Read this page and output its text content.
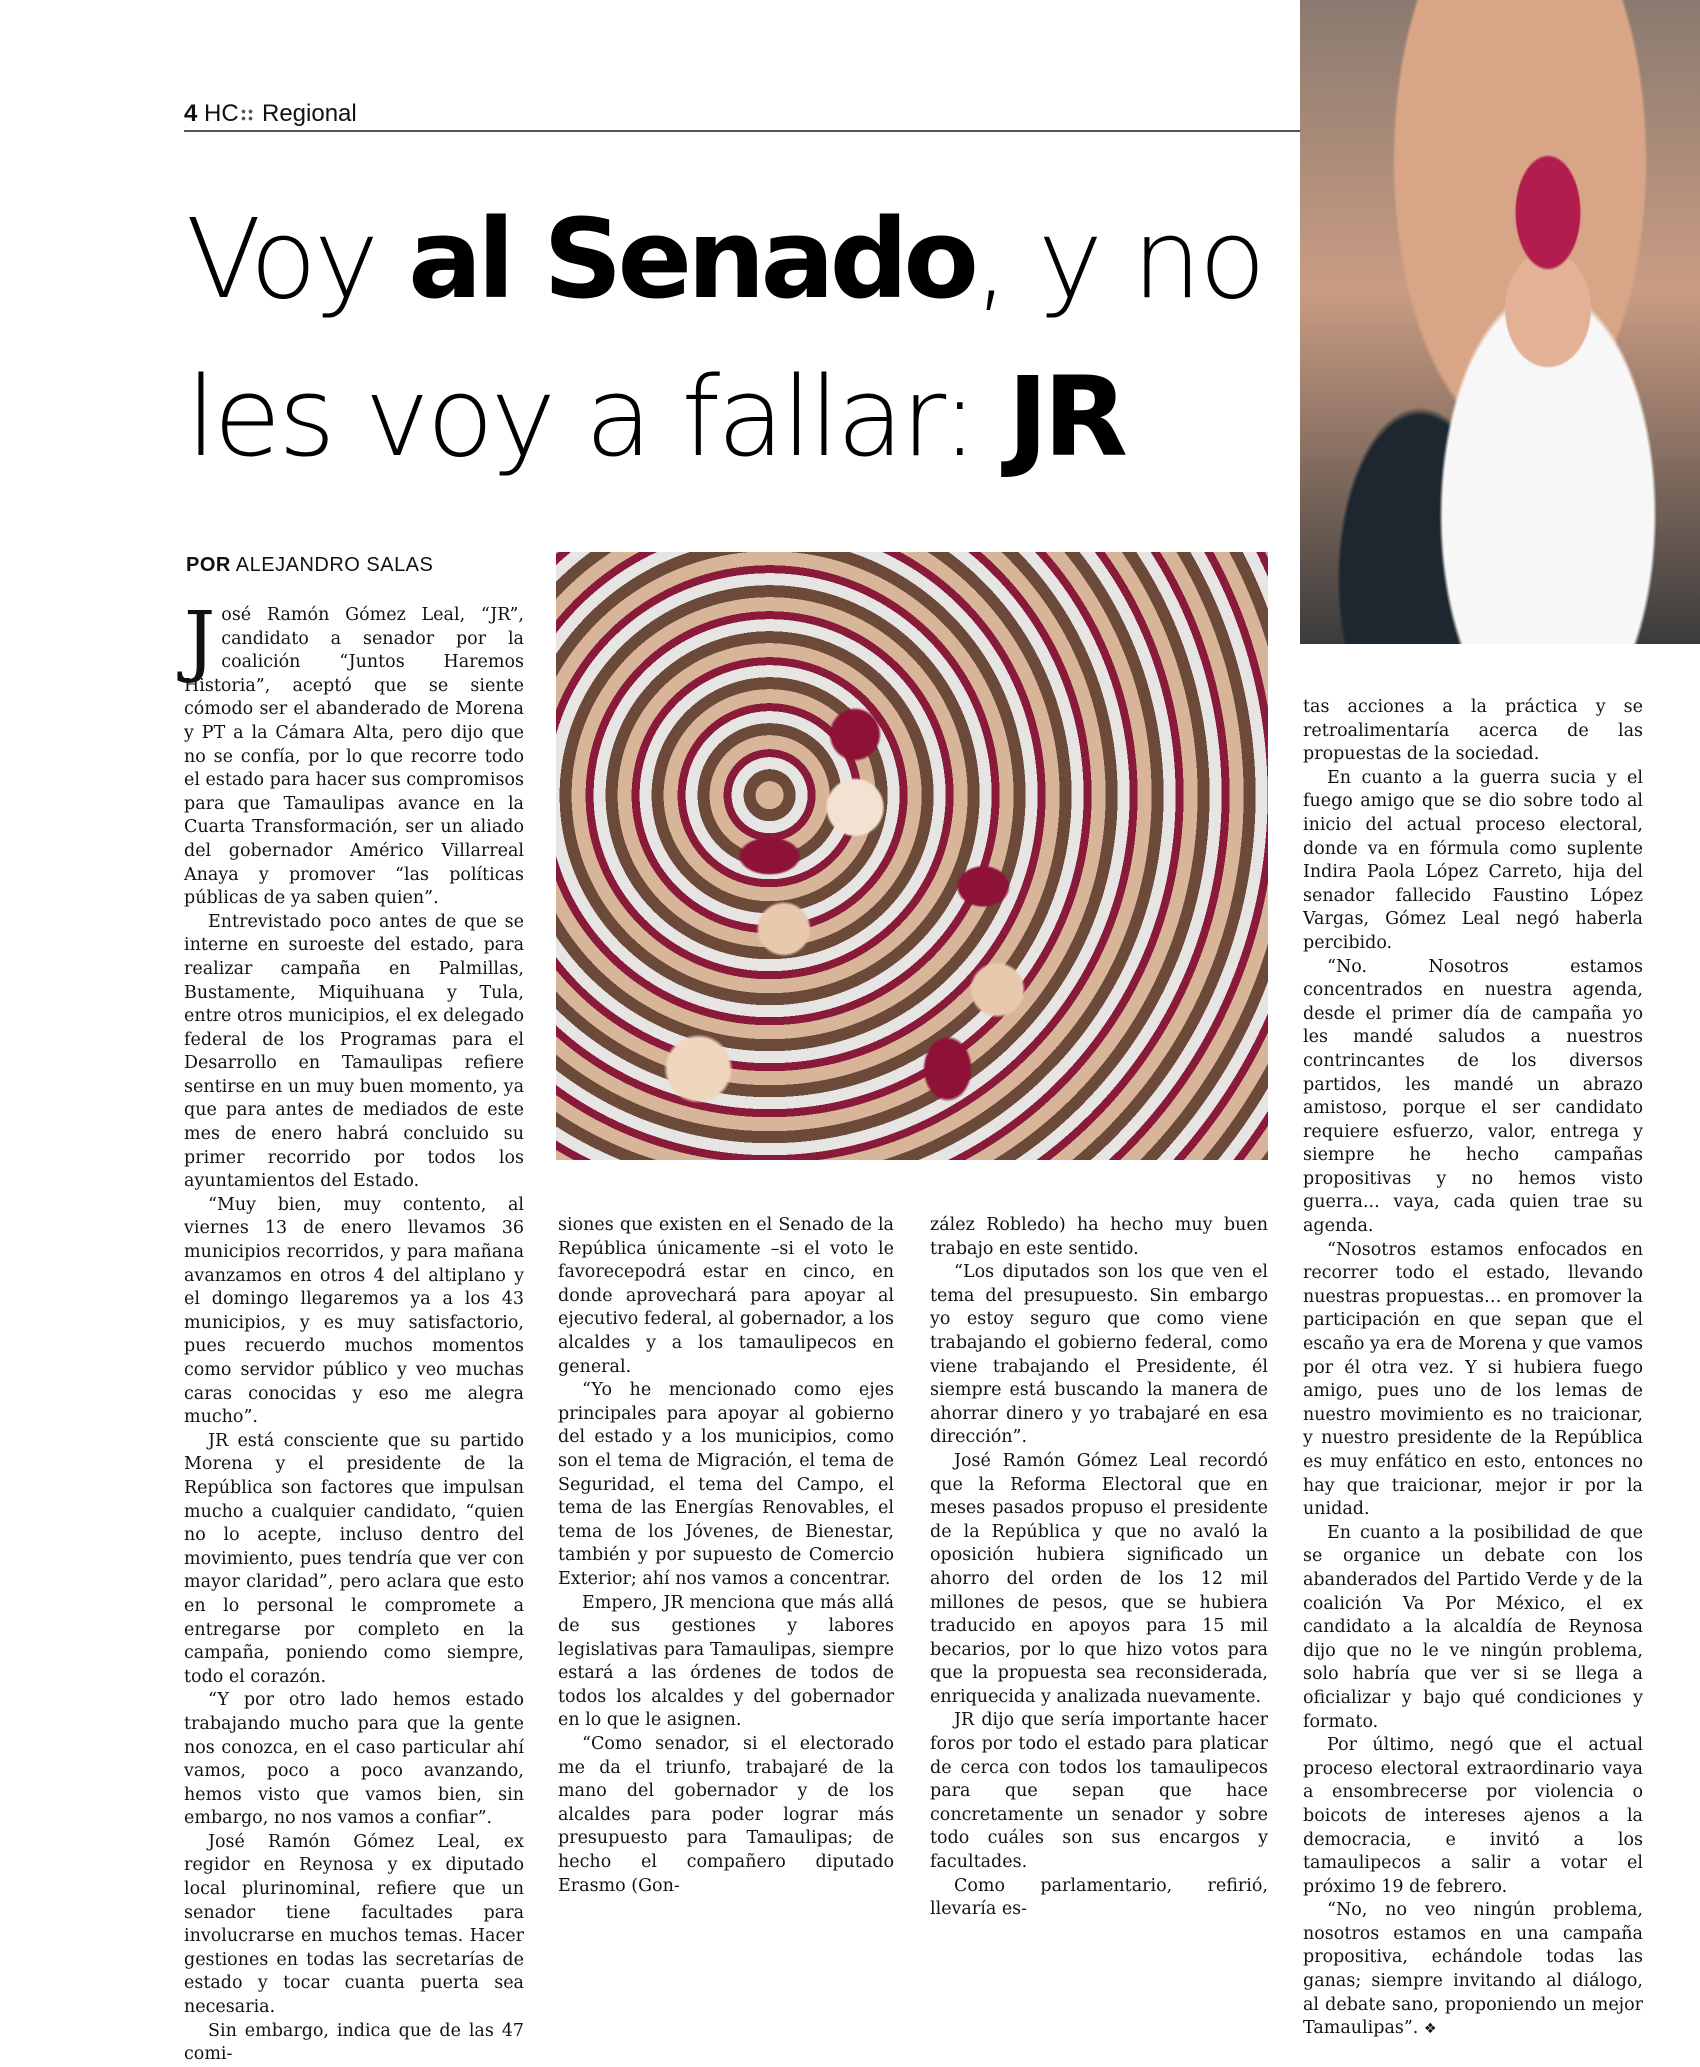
4 HC Regional
Voy al Senado, y no les voy a fallar: JR
POR ALEJANDRO SALAS

José Ramón Gómez Leal, “JR”, candidato a senador por la coalición “Juntos Haremos Historia”, aceptó que se siente cómodo ser el abanderado de Morena y PT a la Cámara Alta, pero dijo que no se confía, por lo que recorre todo el estado para hacer sus compromisos para que Tamaulipas avance en la Cuarta Transformación, ser un aliado del gobernador Américo Villarreal Anaya y promover “las políticas públicas de ya saben quien”.

Entrevistado poco antes de que se interne en suroeste del estado, para realizar campaña en Palmillas, Bustamente, Miquihuana y Tula, entre otros municipios, el ex delegado federal de los Programas para el Desarrollo en Tamaulipas refiere sentirse en un muy buen momento, ya que para antes de mediados de este mes de enero habrá concluido su primer recorrido por todos los ayuntamientos del Estado.

“Muy bien, muy contento, al viernes 13 de enero llevamos 36 municipios recorridos, y para mañana avanzamos en otros 4 del altiplano y el domingo llegaremos ya a los 43 municipios, y es muy satisfactorio, pues recuerdo muchos momentos como servidor público y veo muchas caras conocidas y eso me alegra mucho”.

JR está consciente que su partido Morena y el presidente de la República son factores que impulsan mucho a cualquier candidato, “quien no lo acepte, incluso dentro del movimiento, pues tendría que ver con mayor claridad”, pero aclara que esto en lo personal le compromete a entregarse por completo en la campaña, poniendo como siempre, todo el corazón.

“Y por otro lado hemos estado trabajando mucho para que la gente nos conozca, en el caso particular ahí vamos, poco a poco avanzando, hemos visto que vamos bien, sin embargo, no nos vamos a confiar”.

José Ramón Gómez Leal, ex regidor en Reynosa y ex diputado local plurinominal, refiere que un senador tiene facultades para involucrarse en muchos temas. Hacer gestiones en todas las secretarías de estado y tocar cuanta puerta sea necesaria.

Sin embargo, indica que de las 47 comi-

siones que existen en el Senado de la República únicamente –si el voto le favorecepodrá estar en cinco, en donde aprovechará para apoyar al ejecutivo federal, al gobernador, a los alcaldes y a los tamaulipecos en general.

“Yo he mencionado como ejes principales para apoyar al gobierno del estado y a los municipios, como son el tema de Migración, el tema de Seguridad, el tema del Campo, el tema de las Energías Renovables, el tema de los Jóvenes, de Bienestar, también y por supuesto de Comercio Exterior; ahí nos vamos a concentrar.

Empero, JR menciona que más allá de sus gestiones y labores legislativas para Tamaulipas, siempre estará a las órdenes de todos de todos los alcaldes y del gobernador en lo que le asignen.

“Como senador, si el electorado me da el triunfo, trabajaré de la mano del gobernador y de los alcaldes para poder lograr más presupuesto para Tamaulipas; de hecho el compañero diputado Erasmo (Gon-

zález Robledo) ha hecho muy buen trabajo en este sentido.

“Los diputados son los que ven el tema del presupuesto. Sin embargo yo estoy seguro que como viene trabajando el gobierno federal, como viene trabajando el Presidente, él siempre está buscando la manera de ahorrar dinero y yo trabajaré en esa dirección”.

José Ramón Gómez Leal recordó que la Reforma Electoral que en meses pasados propuso el presidente de la República y que no avaló la oposición hubiera significado un ahorro del orden de los 12 mil millones de pesos, que se hubiera traducido en apoyos para 15 mil becarios, por lo que hizo votos para que la propuesta sea reconsiderada, enriquecida y analizada nuevamente.

JR dijo que sería importante hacer foros por todo el estado para platicar de cerca con todos los tamaulipecos para que sepan que hace concretamente un senador y sobre todo cuáles son sus encargos y facultades.

Como parlamentario, refirió, llevaría es-

tas acciones a la práctica y se retroalimentaría acerca de las propuestas de la sociedad.

En cuanto a la guerra sucia y el fuego amigo que se dio sobre todo al inicio del actual proceso electoral, donde va en fórmula como suplente Indira Paola López Carreto, hija del senador fallecido Faustino López Vargas, Gómez Leal negó haberla percibido.

“No. Nosotros estamos concentrados en nuestra agenda, desde el primer día de campaña yo les mandé saludos a nuestros contrincantes de los diversos partidos, les mandé un abrazo amistoso, porque el ser candidato requiere esfuerzo, valor, entrega y siempre he hecho campañas propositivas y no hemos visto guerra... vaya, cada quien trae su agenda.

“Nosotros estamos enfocados en recorrer todo el estado, llevando nuestras propuestas… en promover la participación en que sepan que el escaño ya era de Morena y que vamos por él otra vez. Y si hubiera fuego amigo, pues uno de los lemas de nuestro movimiento es no traicionar, y nuestro presidente de la República es muy enfático en esto, entonces no hay que traicionar, mejor ir por la unidad.

En cuanto a la posibilidad de que se organice un debate con los abanderados del Partido Verde y de la coalición Va Por México, el ex candidato a la alcaldía de Reynosa dijo que no le ve ningún problema, solo habría que ver si se llega a oficializar y bajo qué condiciones y formato.

Por último, negó que el actual proceso electoral extraordinario vaya a ensombrecerse por violencia o boicots de intereses ajenos a la democracia, e invitó a los tamaulipecos a salir a votar el próximo 19 de febrero.

“No, no veo ningún problema, nosotros estamos en una campaña propositiva, echándole todas las ganas; siempre invitando al diálogo, al debate sano, proponiendo un mejor Tamaulipas”. ❖
